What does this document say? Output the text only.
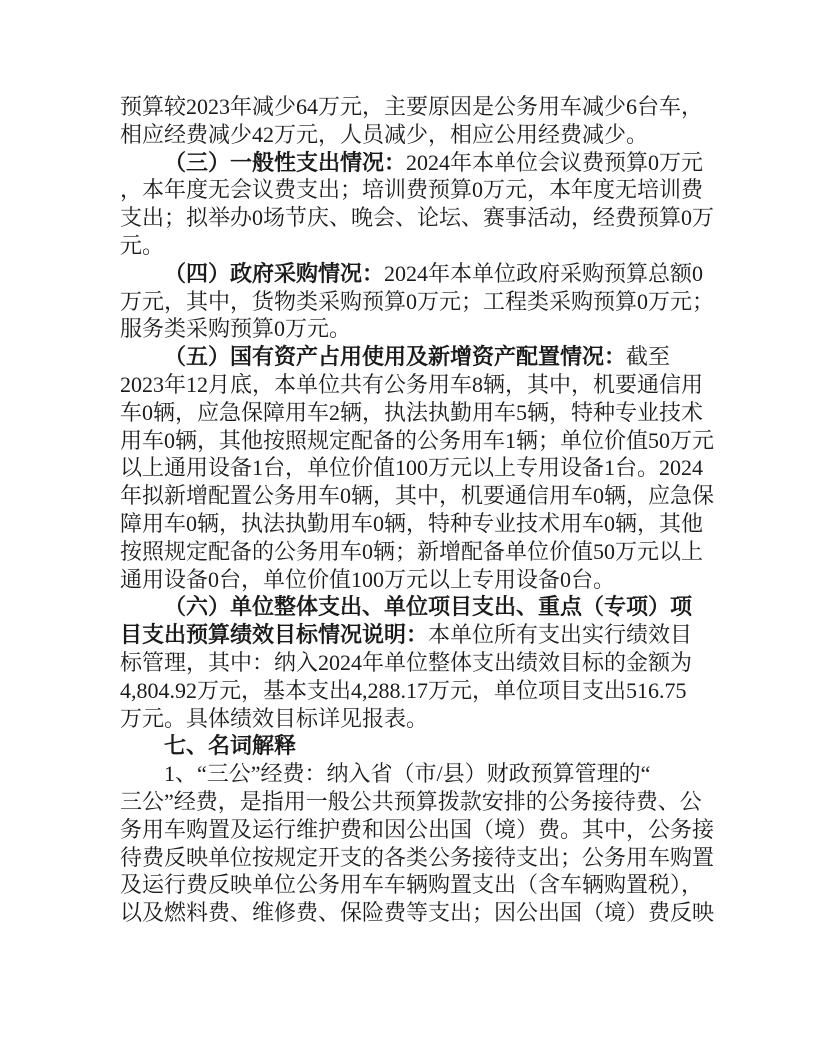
预算较2023年减少64万元，主要原因是公务用车减少6台车，
相应经费减少42万元，人员减少，相应公用经费减少。
（三）一般性支出情况：2024年本单位会议费预算0万元
，本年度无会议费支出；培训费预算0万元，本年度无培训费
支出；拟举办0场节庆、晚会、论坛、赛事活动，经费预算0万
元。
（四）政府采购情况：2024年本单位政府采购预算总额0
万元，其中，货物类采购预算0万元；工程类采购预算0万元；
服务类采购预算0万元。
（五）国有资产占用使用及新增资产配置情况：截至
2023年12月底，本单位共有公务用车8辆，其中，机要通信用
车0辆，应急保障用车2辆，执法执勤用车5辆，特种专业技术
用车0辆，其他按照规定配备的公务用车1辆；单位价值50万元
以上通用设备1台，单位价值100万元以上专用设备1台。2024
年拟新增配置公务用车0辆，其中，机要通信用车0辆，应急保
障用车0辆，执法执勤用车0辆，特种专业技术用车0辆，其他
按照规定配备的公务用车0辆；新增配备单位价值50万元以上
通用设备0台，单位价值100万元以上专用设备0台。
（六）单位整体支出、单位项目支出、重点（专项）项
目支出预算绩效目标情况说明：本单位所有支出实行绩效目
标管理，其中：纳入2024年单位整体支出绩效目标的金额为
4,804.92万元，基本支出4,288.17万元，单位项目支出516.75
万元。具体绩效目标详见报表。
七、名词解释
1、“三公”经费：纳入省（市/县）财政预算管理的“
三公”经费，是指用一般公共预算拨款安排的公务接待费、公
务用车购置及运行维护费和因公出国（境）费。其中，公务接
待费反映单位按规定开支的各类公务接待支出；公务用车购置
及运行费反映单位公务用车车辆购置支出（含车辆购置税），
以及燃料费、维修费、保险费等支出；因公出国（境）费反映
